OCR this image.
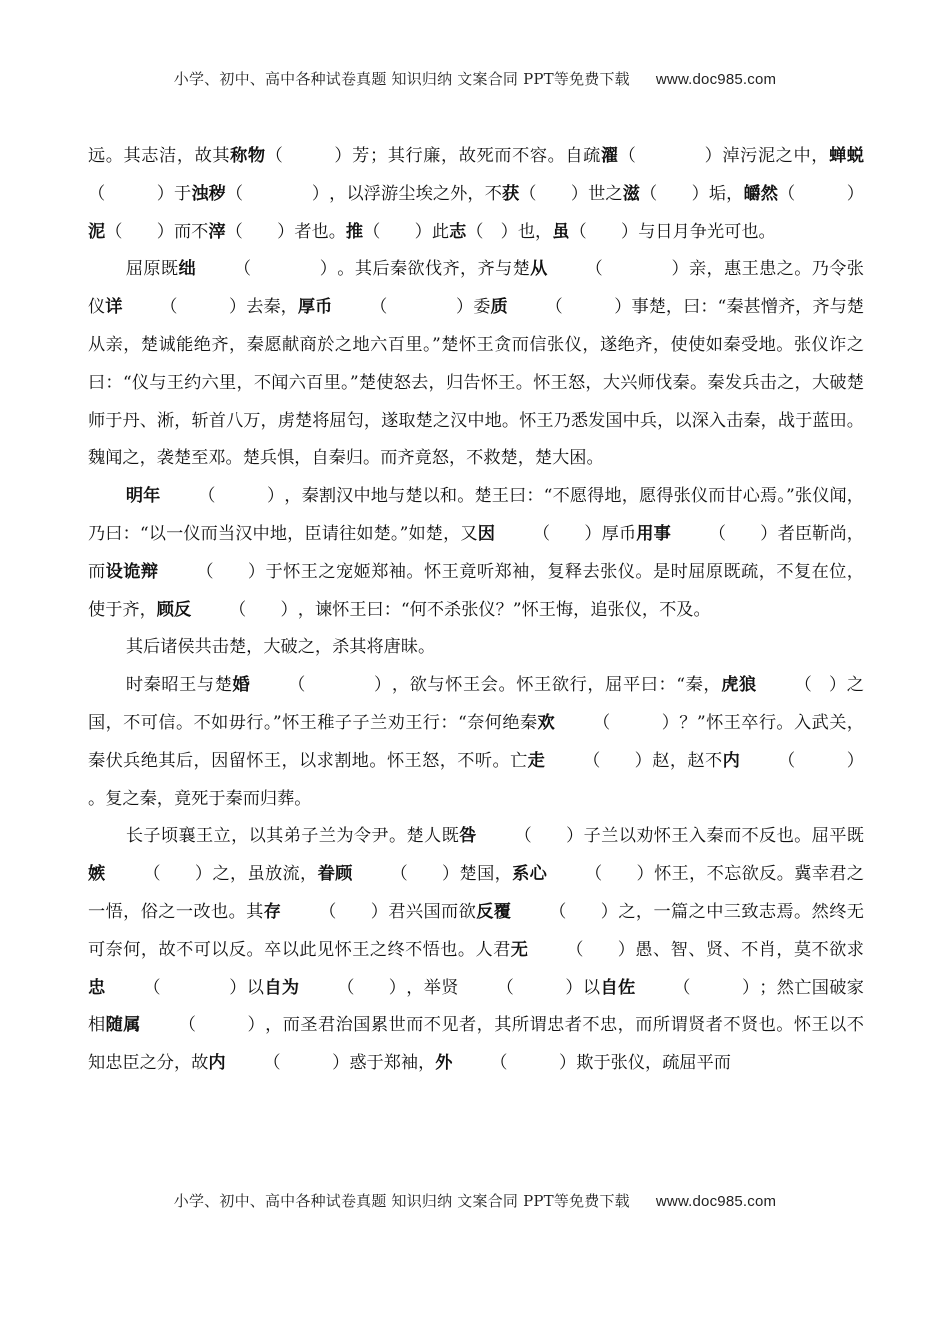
小学、初中、高中各种试卷真题 知识归纳 文案合同 PPT等免费下载 www.doc985.com

远。其志洁，故其称物（　　　）芳；其行廉，故死而不容。自疏濯（　　　　）淖污泥之中，蝉蜕（　　　）于浊秽（　　　　），以浮游尘埃之外，不获（　　）世之滋（　　）垢，皭然（　　　）泥（　　）而不滓（　　）者也。推（　　）此志（　）也，虽（　　）与日月争光可也。

屈原既绌 （　　　　）。其后秦欲伐齐，齐与楚从 （　　　　）亲，惠王患之。乃令张仪详 （　　　）去秦，厚币 （　　　　）委质 （　　　）事楚，曰：“秦甚憎齐，齐与楚从亲，楚诚能绝齐，秦愿献商於之地六百里。”楚怀王贪而信张仪，遂绝齐，使使如秦受地。张仪诈之曰：“仪与王约六里，不闻六百里。”楚使怒去，归告怀王。怀王怒，大兴师伐秦。秦发兵击之，大破楚师于丹、淅，斩首八万，虏楚将屈匄，遂取楚之汉中地。怀王乃悉发国中兵，以深入击秦，战于蓝田。魏闻之，袭楚至邓。楚兵惧，自秦归。而齐竟怒，不救楚，楚大困。

明年 （　　　），秦割汉中地与楚以和。楚王曰：“不愿得地，愿得张仪而甘心焉。”张仪闻，乃曰：“以一仪而当汉中地，臣请往如楚。”如楚，又因 （　　）厚币用事 （　　）者臣靳尚，而设诡辩 （　　）于怀王之宠姬郑袖。怀王竟听郑袖，复释去张仪。是时屈原既疏，不复在位，使于齐，顾反 （　　），谏怀王曰：“何不杀张仪？”怀王悔，追张仪，不及。

其后诸侯共击楚，大破之，杀其将唐昧。

时秦昭王与楚婚 （　　　　），欲与怀王会。怀王欲行，屈平曰：“秦，虎狼 （　）之国，不可信。不如毋行。”怀王稚子子兰劝王行：“奈何绝秦欢 （　　　）？”怀王卒行。入武关，秦伏兵绝其后，因留怀王，以求割地。怀王怒，不听。亡走 （　　）赵，赵不内 （　　　）。复之秦，竟死于秦而归葬。

长子顷襄王立，以其弟子兰为令尹。楚人既咎 （　　）子兰以劝怀王入秦而不反也。屈平既嫉 （　　）之，虽放流，眷顾 （　　）楚国，系心 （　　）怀王，不忘欲反。冀幸君之一悟，俗之一改也。其存 （　　）君兴国而欲反覆 （　　）之，一篇之中三致志焉。然终无可奈何，故不可以反。卒以此见怀王之终不悟也。人君无 （　　）愚、智、贤、不肖，莫不欲求忠 （　　　　）以自为 （　　），举贤 （　　　）以自佐 （　　　）；然亡国破家相随属 （　　　），而圣君治国累世而不见者，其所谓忠者不忠，而所谓贤者不贤也。怀王以不知忠臣之分，故内 （　　　）惑于郑袖，外 （　　　）欺于张仪，疏屈平而

小学、初中、高中各种试卷真题 知识归纳 文案合同 PPT等免费下载 www.doc985.com
